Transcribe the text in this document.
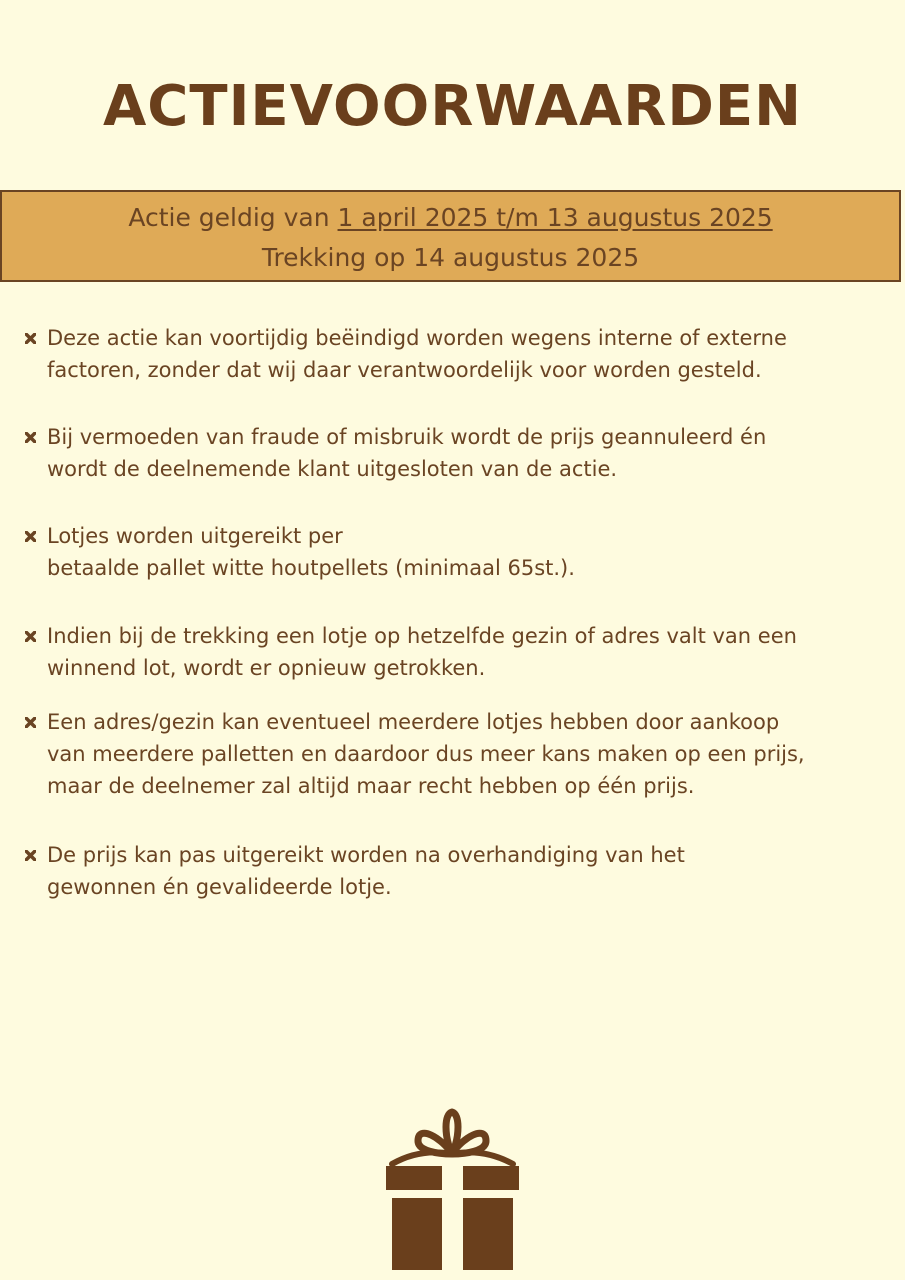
ACTIEVOORWAARDEN
Actie geldig van 1 april 2025 t/m 13 augustus 2025
Trekking op 14 augustus 2025
Deze actie kan voortijdig beëindigd worden wegens interne of externe
factoren, zonder dat wij daar verantwoordelijk voor worden gesteld.
Bij vermoeden van fraude of misbruik wordt de prijs geannuleerd én
wordt de deelnemende klant uitgesloten van de actie.
Lotjes worden uitgereikt per
betaalde pallet witte houtpellets (minimaal 65st.).
Indien bij de trekking een lotje op hetzelfde gezin of adres valt van een
winnend lot, wordt er opnieuw getrokken.
Een adres/gezin kan eventueel meerdere lotjes hebben door aankoop
van meerdere palletten en daardoor dus meer kans maken op een prijs,
maar de deelnemer zal altijd maar recht hebben op één prijs.
De prijs kan pas uitgereikt worden na overhandiging van het
gewonnen én gevalideerde lotje.
